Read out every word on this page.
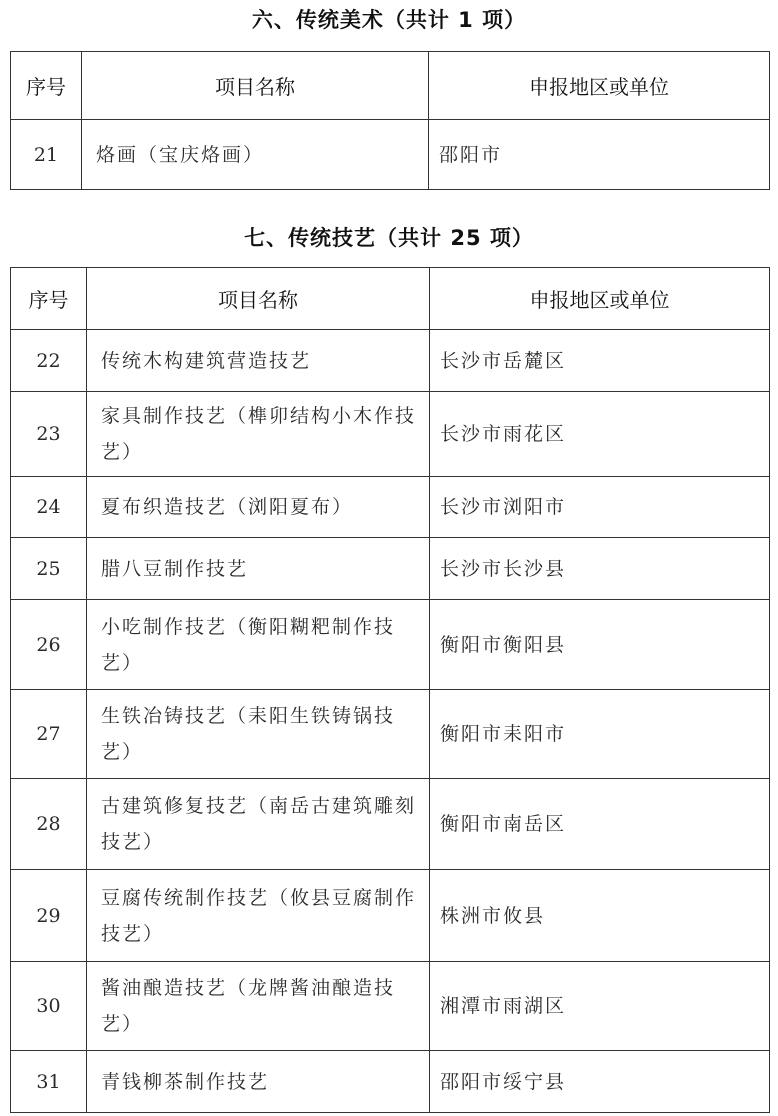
六、传统美术（共计 1 项）
序号	项目名称	申报地区或单位
21	烙画（宝庆烙画）	邵阳市
七、传统技艺（共计 25 项）
序号	项目名称	申报地区或单位
22	传统木构建筑营造技艺	长沙市岳麓区
23	家具制作技艺（榫卯结构小木作技艺）	长沙市雨花区
24	夏布织造技艺（浏阳夏布）	长沙市浏阳市
25	腊八豆制作技艺	长沙市长沙县
26	小吃制作技艺（衡阳糊粑制作技艺）	衡阳市衡阳县
27	生铁冶铸技艺（耒阳生铁铸锅技艺）	衡阳市耒阳市
28	古建筑修复技艺（南岳古建筑雕刻技艺）	衡阳市南岳区
29	豆腐传统制作技艺（攸县豆腐制作技艺）	株洲市攸县
30	酱油酿造技艺（龙牌酱油酿造技艺）	湘潭市雨湖区
31	青钱柳茶制作技艺	邵阳市绥宁县
